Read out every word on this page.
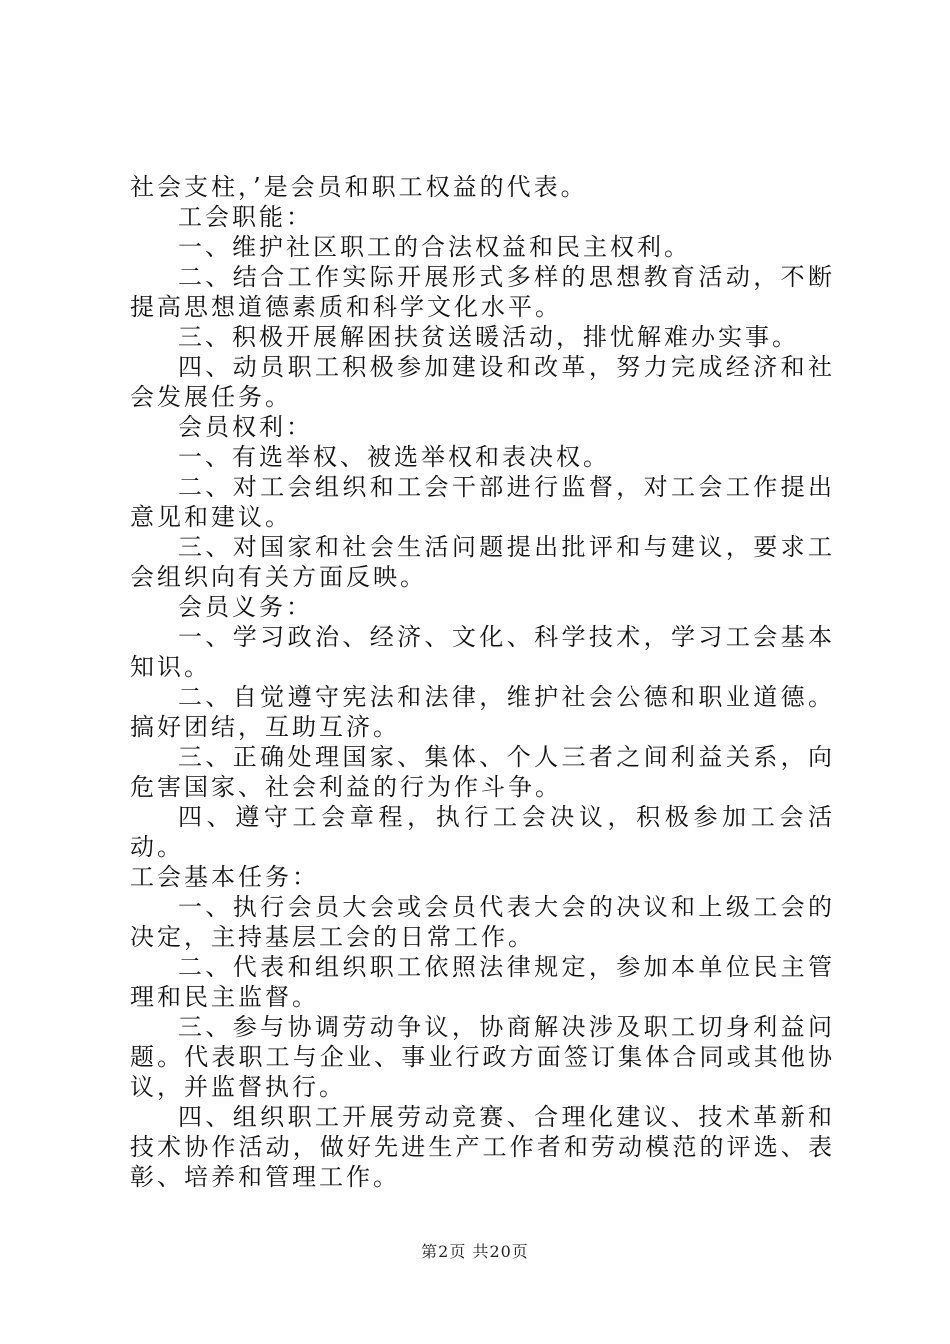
社会支柱，’是会员和职工权益的代表。

工会职能：

一、维护社区职工的合法权益和民主权利。

二、结合工作实际开展形式多样的思想教育活动，不断提高思想道德素质和科学文化水平。

三、积极开展解困扶贫送暖活动，排忧解难办实事。

四、动员职工积极参加建设和改革，努力完成经济和社会发展任务。

会员权利：

一、有选举权、被选举权和表决权。

二、对工会组织和工会干部进行监督，对工会工作提出意见和建议。

三、对国家和社会生活问题提出批评和与建议，要求工会组织向有关方面反映。

会员义务：

一、学习政治、经济、文化、科学技术，学习工会基本知识。

二、自觉遵守宪法和法律，维护社会公德和职业道德。搞好团结，互助互济。

三、正确处理国家、集体、个人三者之间利益关系，向危害国家、社会利益的行为作斗争。

四、遵守工会章程，执行工会决议，积极参加工会活动。

工会基本任务：

一、执行会员大会或会员代表大会的决议和上级工会的决定，主持基层工会的日常工作。

二、代表和组织职工依照法律规定，参加本单位民主管理和民主监督。

三、参与协调劳动争议，协商解决涉及职工切身利益问题。代表职工与企业、事业行政方面签订集体合同或其他协议，并监督执行。

四、组织职工开展劳动竞赛、合理化建议、技术革新和技术协作活动，做好先进生产工作者和劳动模范的评选、表彰、培养和管理工作。

第2页 共20页
